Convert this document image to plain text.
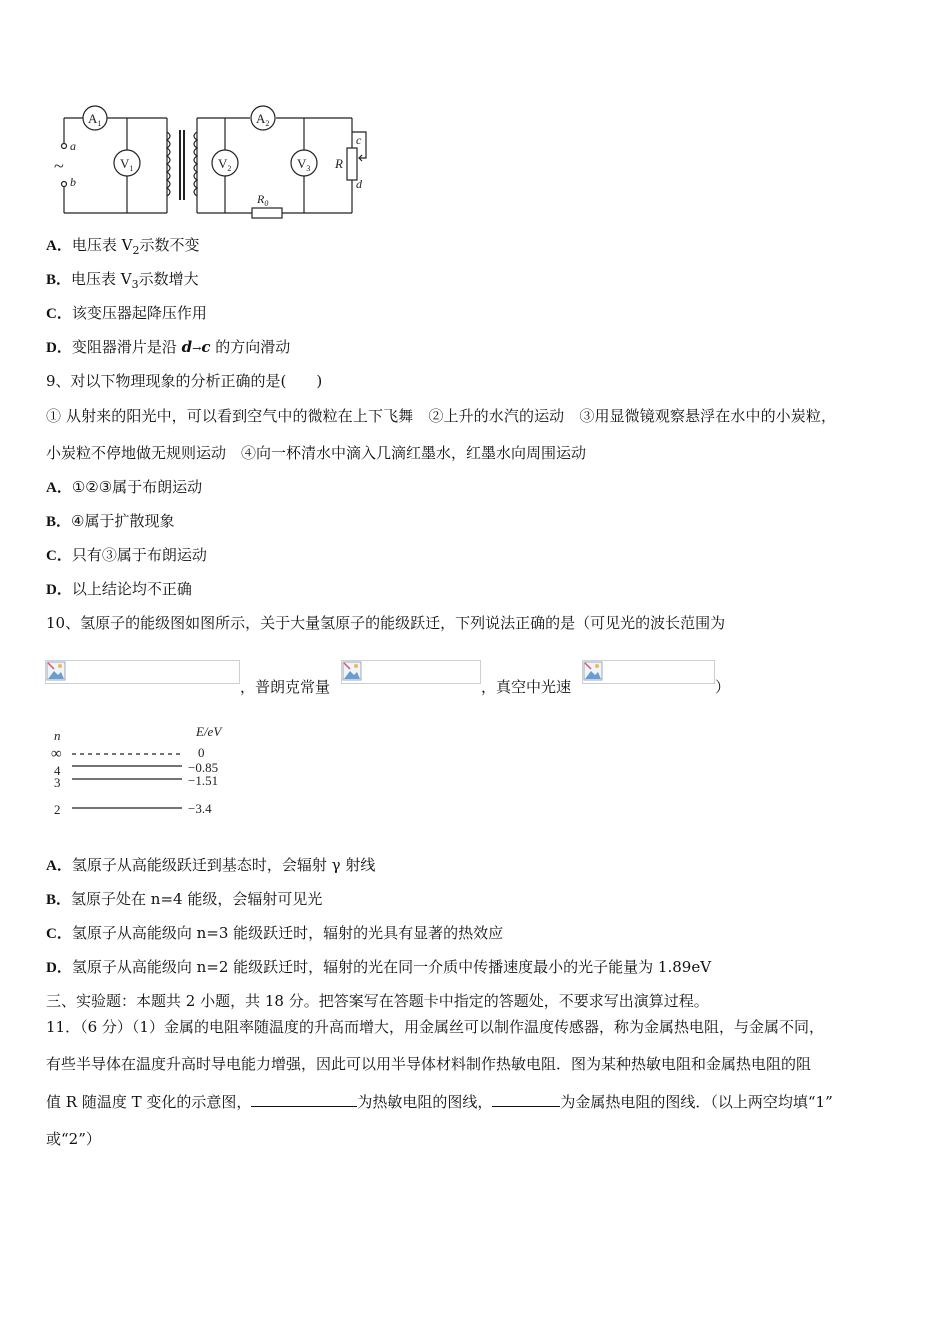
$A_1$	$A_2$
$V_1$	$V_2$	$V_3$ R
$R_0$
a
b
c
d
~
A．电压表 $V_2$示数不变
B．电压表 $V_3$示数增大
C．该变压器起降压作用
D．变阻器滑片是沿 d→c 的方向滑动
9、对以下物理现象的分析正确的是(　　)
① 从射来的阳光中，可以看到空气中的微粒在上下飞舞　②上升的水汽的运动　③用显微镜观察悬浮在水中的小炭粒，
小炭粒不停地做无规则运动　④向一杯清水中滴入几滴红墨水，红墨水向周围运动
A．①②③属于布朗运动
B．④属于扩散现象
C．只有③属于布朗运动
D．以上结论均不正确
10、氢原子的能级图如图所示，关于大量氢原子的能级跃迁，下列说法正确的是（可见光的波长范围为
，普朗克常量	，真空中光速	）
n	E/eV
∞
4
3
2
0
−0.85
−1.51
−3.4
A．氢原子从高能级跃迁到基态时，会辐射 γ 射线
B．氢原子处在 n=4 能级，会辐射可见光
C．氢原子从高能级向 n=3 能级跃迁时，辐射的光具有显著的热效应
D．氢原子从高能级向 n=2 能级跃迁时，辐射的光在同一介质中传播速度最小的光子能量为 1.89eV
三、实验题：本题共 2 小题，共 18 分。把答案写在答题卡中指定的答题处，不要求写出演算过程。
11．（6 分）（1）金属的电阻率随温度的升高而增大，用金属丝可以制作温度传感器，称为金属热电阻，与金属不同，
有些半导体在温度升高时导电能力增强，因此可以用半导体材料制作热敏电阻．图为某种热敏电阻和金属热电阻的阻
值 R 随温度 T 变化的示意图，	为热敏电阻的图线，	为金属热电阻的图线．（以上两空均填“1”
或“2”）
